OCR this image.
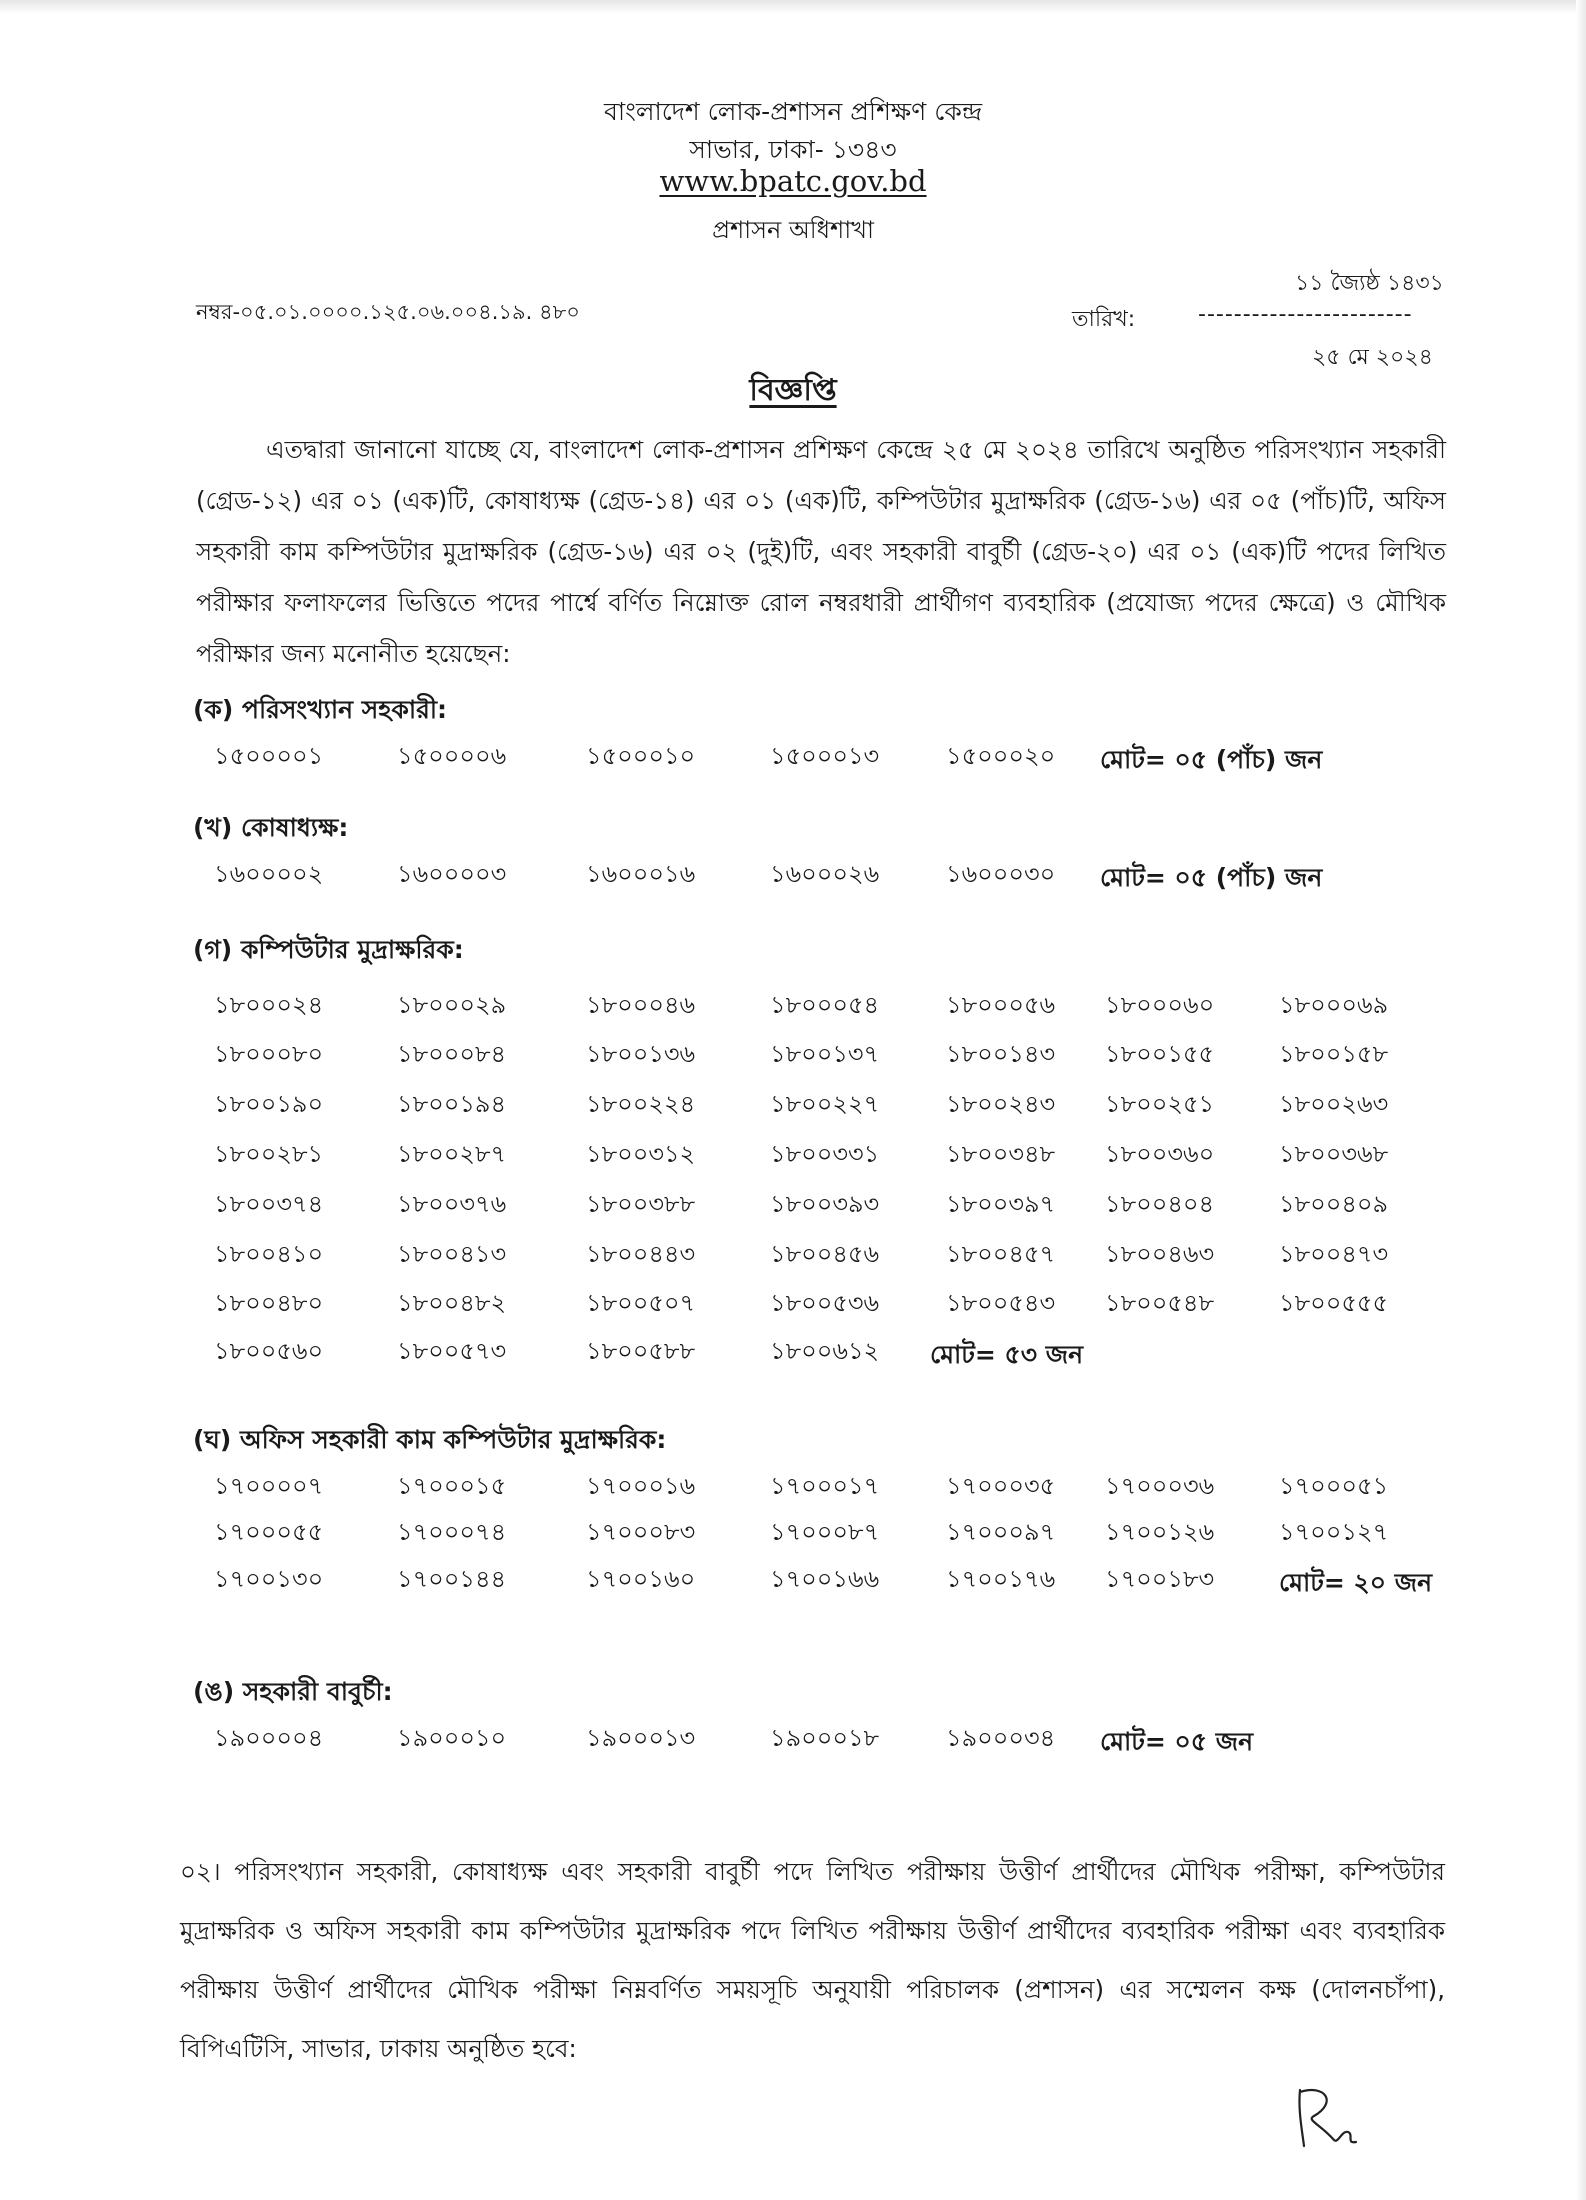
বাংলাদেশ লোক-প্রশাসন প্রশিক্ষণ কেন্দ্র
সাভার, ঢাকা- ১৩৪৩
www.bpatc.gov.bd
প্রশাসন অধিশাখা
১১ জ্যৈষ্ঠ ১৪৩১
নম্বর-০৫.০১.০০০০.১২৫.০৬.০০৪.১৯. ৪৮০	তারিখ:	------------------------
২৫ মে ২০২৪
বিজ্ঞপ্তি
এতদ্বারা জানানো যাচ্ছে যে, বাংলাদেশ লোক-প্রশাসন প্রশিক্ষণ কেন্দ্রে ২৫ মে ২০২৪ তারিখে অনুষ্ঠিত পরিসংখ্যান সহকারী (গ্রেড-১২) এর ০১ (এক)টি, কোষাধ্যক্ষ (গ্রেড-১৪) এর ০১ (এক)টি, কম্পিউটার মুদ্রাক্ষরিক (গ্রেড-১৬) এর ০৫ (পাঁচ)টি, অফিস সহকারী কাম কম্পিউটার মুদ্রাক্ষরিক (গ্রেড-১৬) এর ০২ (দুই)টি, এবং সহকারী বাবুর্চী (গ্রেড-২০) এর ০১ (এক)টি পদের লিখিত পরীক্ষার ফলাফলের ভিত্তিতে পদের পার্শ্বে বর্ণিত নিম্নোক্ত রোল নম্বরধারী প্রার্থীগণ ব্যবহারিক (প্রযোজ্য পদের ক্ষেত্রে) ও মৌখিক পরীক্ষার জন্য মনোনীত হয়েছেন:
(ক) পরিসংখ্যান সহকারী:
১৫০০০০১	১৫০০০০৬	১৫০০০১০	১৫০০০১৩	১৫০০০২০ মোট= ০৫ (পাঁচ) জন
(খ) কোষাধ্যক্ষ:
১৬০০০০২	১৬০০০০৩	১৬০০০১৬	১৬০০০২৬	১৬০০০৩০ মোট= ০৫ (পাঁচ) জন
(গ) কম্পিউটার মুদ্রাক্ষরিক:
১৮০০০২৪	১৮০০০২৯	১৮০০০৪৬	১৮০০০৫৪	১৮০০০৫৬ ১৮০০০৬০	১৮০০০৬৯
১৮০০০৮০	১৮০০০৮৪	১৮০০১৩৬	১৮০০১৩৭	১৮০০১৪৩ ১৮০০১৫৫	১৮০০১৫৮
১৮০০১৯০	১৮০০১৯৪	১৮০০২২৪	১৮০০২২৭	১৮০০২৪৩ ১৮০০২৫১	১৮০০২৬৩
১৮০০২৮১	১৮০০২৮৭	১৮০০৩১২	১৮০০৩৩১	১৮০০৩৪৮ ১৮০০৩৬০	১৮০০৩৬৮
১৮০০৩৭৪	১৮০০৩৭৬	১৮০০৩৮৮	১৮০০৩৯৩	১৮০০৩৯৭ ১৮০০৪০৪	১৮০০৪০৯
১৮০০৪১০	১৮০০৪১৩	১৮০০৪৪৩	১৮০০৪৫৬	১৮০০৪৫৭ ১৮০০৪৬৩	১৮০০৪৭৩
১৮০০৪৮০	১৮০০৪৮২	১৮০০৫০৭	১৮০০৫৩৬	১৮০০৫৪৩ ১৮০০৫৪৮	১৮০০৫৫৫
১৮০০৫৬০	১৮০০৫৭৩	১৮০০৫৮৮	১৮০০৬১২ মোট= ৫৩ জন
(ঘ) অফিস সহকারী কাম কম্পিউটার মুদ্রাক্ষরিক:
১৭০০০০৭	১৭০০০১৫	১৭০০০১৬	১৭০০০১৭	১৭০০০৩৫ ১৭০০০৩৬	১৭০০০৫১
১৭০০০৫৫	১৭০০০৭৪	১৭০০০৮৩	১৭০০০৮৭	১৭০০০৯৭ ১৭০০১২৬	১৭০০১২৭
১৭০০১৩০	১৭০০১৪৪	১৭০০১৬০	১৭০০১৬৬	১৭০০১৭৬ ১৭০০১৮৩	মোট= ২০ জন
(ঙ) সহকারী বাবুর্চী:
১৯০০০০৪	১৯০০০১০	১৯০০০১৩	১৯০০০১৮	১৯০০০৩৪ মোট= ০৫ জন
০২। পরিসংখ্যান সহকারী, কোষাধ্যক্ষ এবং সহকারী বাবুর্চী পদে লিখিত পরীক্ষায় উত্তীর্ণ প্রার্থীদের মৌখিক পরীক্ষা, কম্পিউটার মুদ্রাক্ষরিক ও অফিস সহকারী কাম কম্পিউটার মুদ্রাক্ষরিক পদে লিখিত পরীক্ষায় উত্তীর্ণ প্রার্থীদের ব্যবহারিক পরীক্ষা এবং ব্যবহারিক পরীক্ষায় উত্তীর্ণ প্রার্থীদের মৌখিক পরীক্ষা নিম্নবর্ণিত সময়সূচি অনুযায়ী পরিচালক (প্রশাসন) এর সম্মেলন কক্ষ (দোলনচাঁপা), বিপিএটিসি, সাভার, ঢাকায় অনুষ্ঠিত হবে:
